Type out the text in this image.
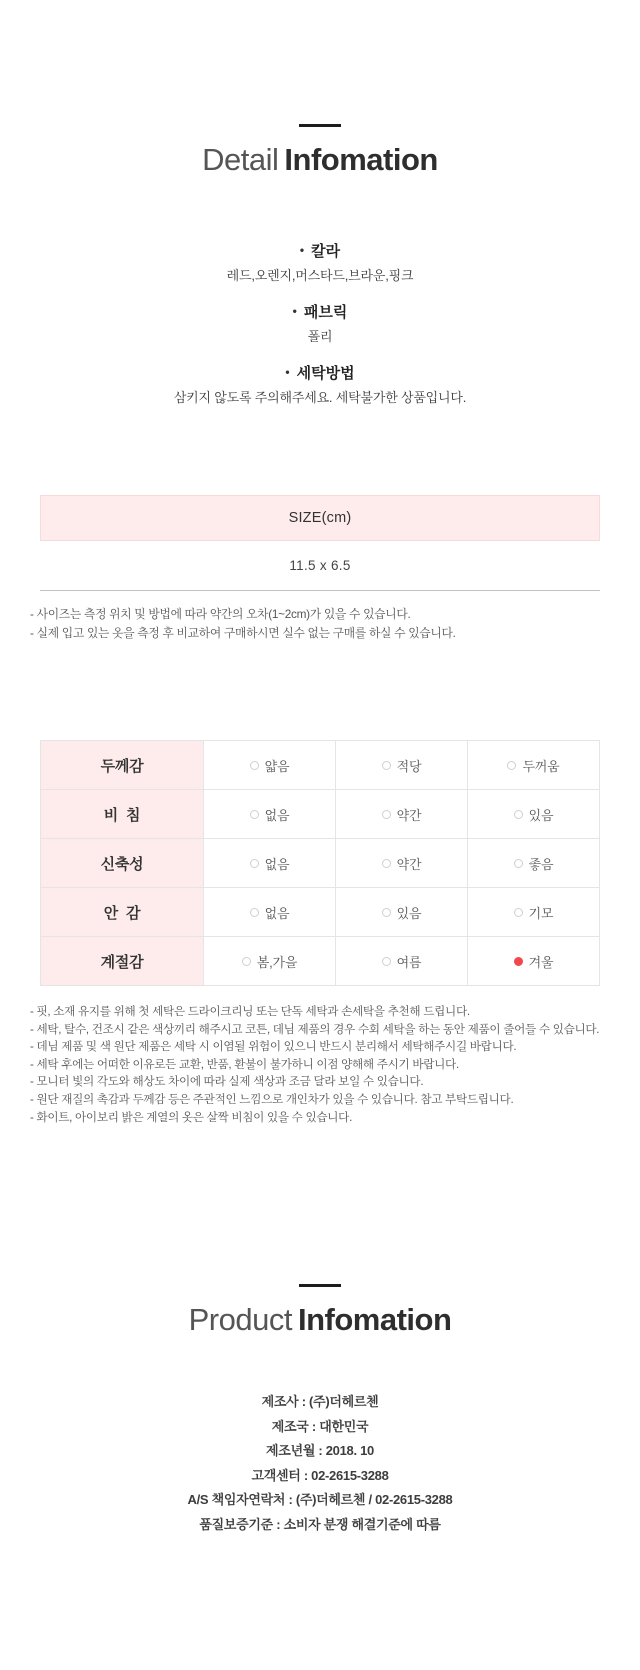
Detail Infomation
• 칼라
레드,오렌지,머스타드,브라운,핑크
• 패브릭
폴리
• 세탁방법
삼키지 않도록 주의해주세요. 세탁불가한 상품입니다.
SIZE(cm)
11.5 x 6.5
- 사이즈는 측정 위치 및 방법에 따라 약간의 오차(1~2cm)가 있을 수 있습니다.
- 실제 입고 있는 옷을 측정 후 비교하여 구매하시면 실수 없는 구매를 하실 수 있습니다.
두께감	얇음	적당	두꺼움
비  침	없음	약간	있음
신축성	없음	약간	좋음
안  감	없음	있음	기모
계절감	봄,가을	여름	겨울
- 핏, 소재 유지를 위해 첫 세탁은 드라이크리닝 또는 단독 세탁과 손세탁을 추천해 드립니다.
- 세탁, 탈수, 건조시 같은 색상끼리 해주시고 코튼, 데님 제품의 경우 수회 세탁을 하는 동안 제품이 줄어들 수 있습니다.
- 데님 제품 및 색 원단 제품은 세탁 시 이염될 위험이 있으니 반드시 분리해서 세탁해주시길 바랍니다.
- 세탁 후에는 어떠한 이유로든 교환, 반품, 환불이 불가하니 이점 양해해 주시기 바랍니다.
- 모니터 빛의 각도와 해상도 차이에 따라 실제 색상과 조금 달라 보일 수 있습니다.
- 원단 재질의 촉감과 두께감 등은 주관적인 느낌으로 개인차가 있을 수 있습니다. 참고 부탁드립니다.
- 화이트, 아이보리 밝은 계열의 옷은 살짝 비침이 있을 수 있습니다.
Product Infomation
제조사 : (주)더헤르첸
제조국 : 대한민국
제조년월 : 2018. 10
고객센터 : 02-2615-3288
A/S 책임자연락처 : (주)더헤르첸 / 02-2615-3288
품질보증기준 : 소비자 분쟁 해결기준에 따름
